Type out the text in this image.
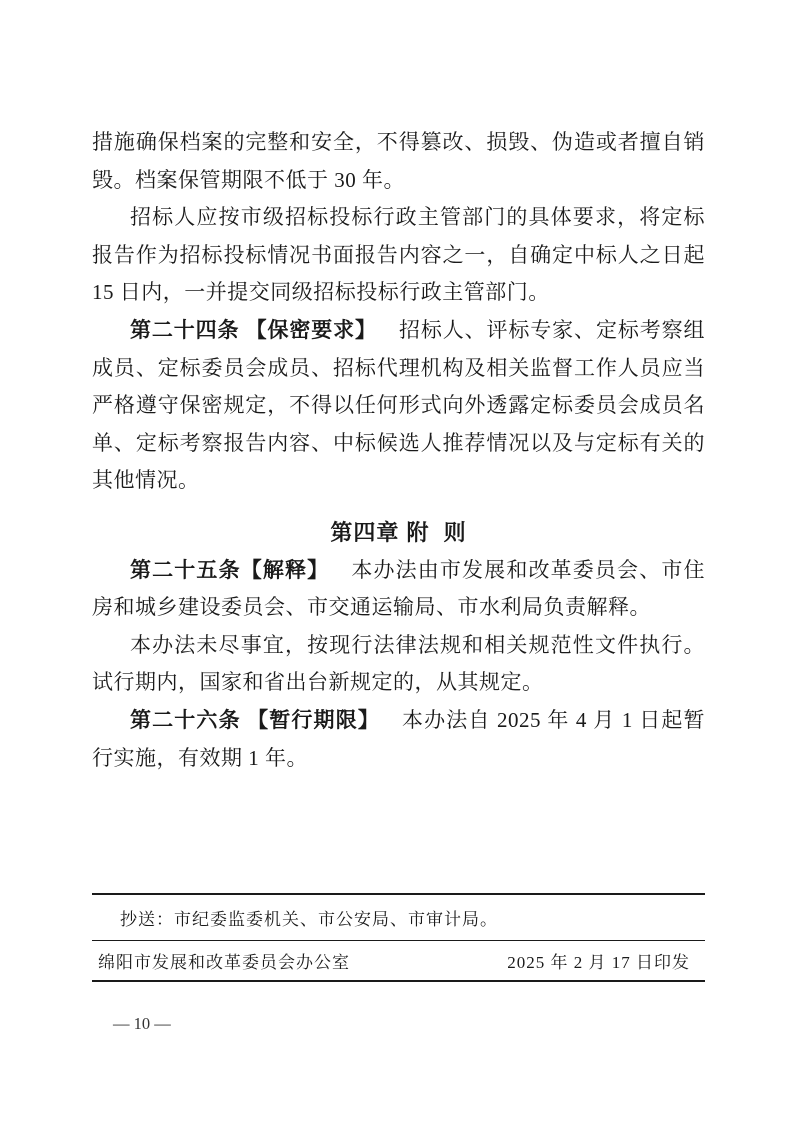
措施确保档案的完整和安全，不得篡改、损毁、伪造或者擅自销毁。档案保管期限不低于 30 年。

招标人应按市级招标投标行政主管部门的具体要求，将定标报告作为招标投标情况书面报告内容之一，自确定中标人之日起 15 日内，一并提交同级招标投标行政主管部门。

第二十四条 【保密要求】 招标人、评标专家、定标考察组成员、定标委员会成员、招标代理机构及相关监督工作人员应当严格遵守保密规定，不得以任何形式向外透露定标委员会成员名单、定标考察报告内容、中标候选人推荐情况以及与定标有关的其他情况。

第四章 附  则

第二十五条【解释】 本办法由市发展和改革委员会、市住房和城乡建设委员会、市交通运输局、市水利局负责解释。

本办法未尽事宜，按现行法律法规和相关规范性文件执行。试行期内，国家和省出台新规定的，从其规定。

第二十六条 【暂行期限】 本办法自 2025 年 4 月 1 日起暂行实施，有效期 1 年。

抄送：市纪委监委机关、市公安局、市审计局。
绵阳市发展和改革委员会办公室	2025 年 2 月 17 日印发
— 10 —
